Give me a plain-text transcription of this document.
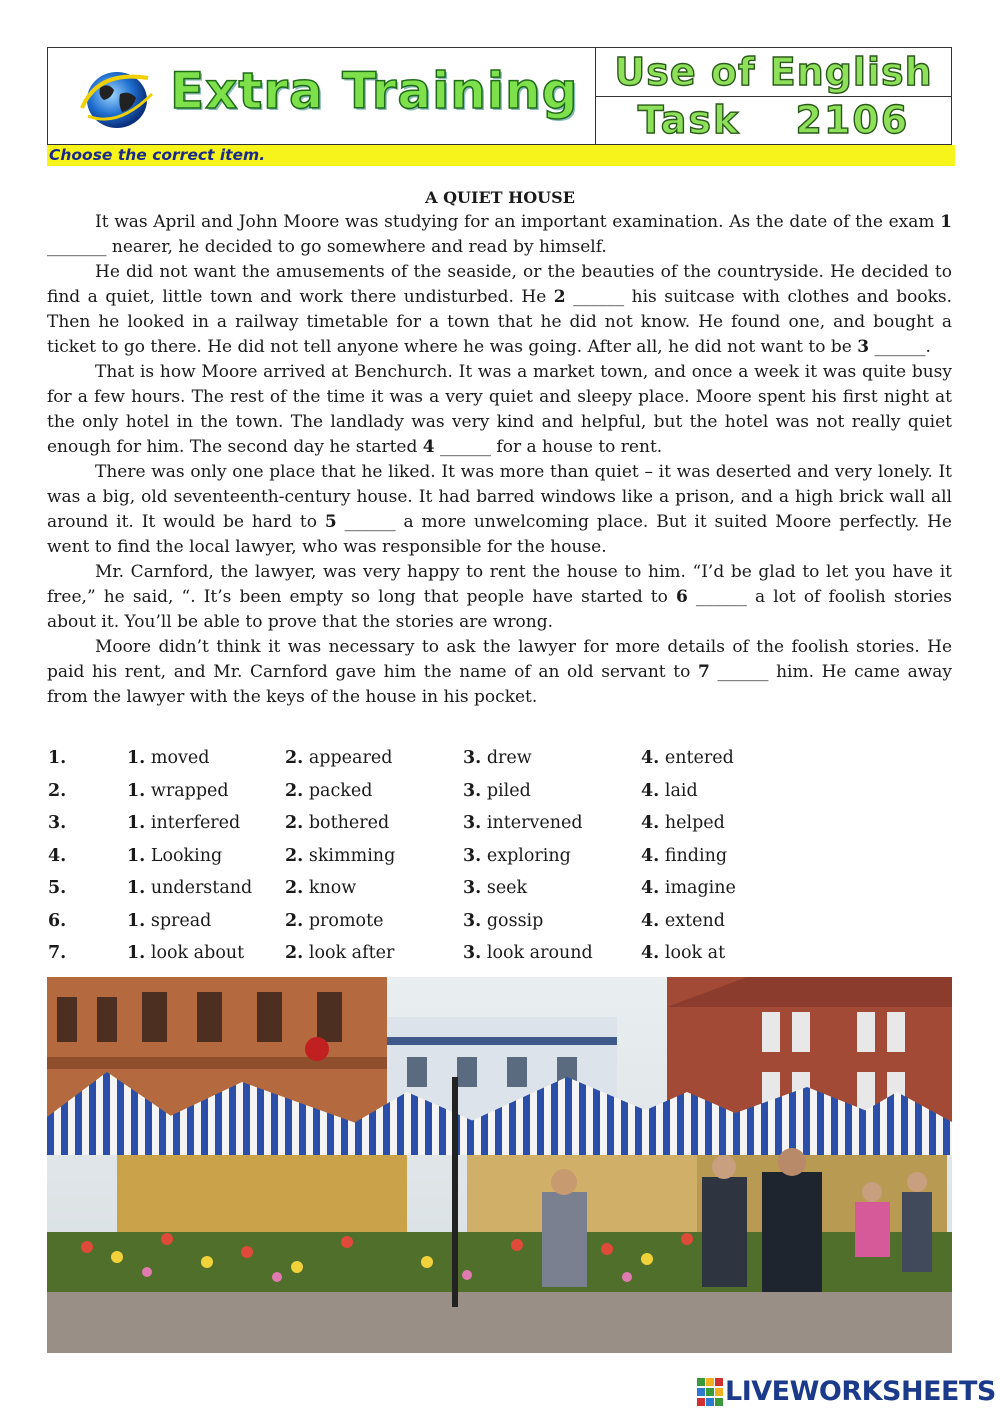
Extra Training Use of English
Task 2106
Choose the correct item.
A QUIET HOUSE

It was April and John Moore was studying for an important examination. As the date of the exam 1 _______ nearer, he decided to go somewhere and read by himself.

He did not want the amusements of the seaside, or the beauties of the countryside. He decided to find a quiet, little town and work there undisturbed. He 2 ______ his suitcase with clothes and books. Then he looked in a railway timetable for a town that he did not know. He found one, and bought a ticket to go there. He did not tell anyone where he was going. After all, he did not want to be 3 ______.

That is how Moore arrived at Benchurch. It was a market town, and once a week it was quite busy for a few hours. The rest of the time it was a very quiet and sleepy place. Moore spent his first night at the only hotel in the town. The landlady was very kind and helpful, but the hotel was not really quiet enough for him. The second day he started 4 ______ for a house to rent.

There was only one place that he liked. It was more than quiet – it was deserted and very lonely. It was a big, old seventeenth-century house. It had barred windows like a prison, and a high brick wall all around it. It would be hard to 5 ______ a more unwelcoming place. But it suited Moore perfectly. He went to find the local lawyer, who was responsible for the house.

Mr. Carnford, the lawyer, was very happy to rent the house to him. “I’d be glad to let you have it free,” he said, “. It’s been empty so long that people have started to 6 ______ a lot of foolish stories about it. You’ll be able to prove that the stories are wrong.

Moore didn’t think it was necessary to ask the lawyer for more details of the foolish stories. He paid his rent, and Mr. Carnford gave him the name of an old servant to 7 ______ him. He came away from the lawyer with the keys of the house in his pocket.

1.	1. moved	2. appeared	3. drew	4. entered
2.	1. wrapped	2. packed	3. piled	4. laid
3.	1. interfered	2. bothered	3. intervened	4. helped
4.	1. Looking	2. skimming	3. exploring	4. finding
5.	1. understand 2. know	3. seek	4. imagine
6.	1. spread	2. promote	3. gossip	4. extend
7.	1. look about 2. look after	3. look around	4. look at
LIVEWORKSHEETS
